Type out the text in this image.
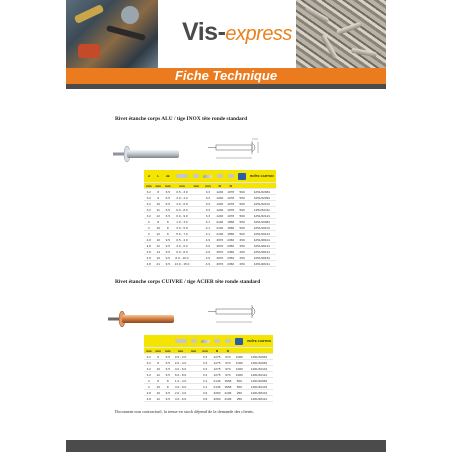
Vis-express
Fiche Technique
Rivet étanche corps ALU / tige INOX tête ronde standard
d	L	dk							BOÎTE CARTON
mm	mm	mm	mm	mm	mm	N	N		
3.2	8	6.5	0.5 - 3.0		3.3	1246	1078	500	1251/32081
3.2	9	6.5	3.0 - 4.0		3.3	1246	1078	500	1251/32091
3.2	10	6.5	4.0 - 6.0		3.3	1246	1078	500	1251/32101
3.2	11	6.5	6.0 - 8.0		3.3	1246	1078	500	1251/32111
3.2	12	6.5	6.0 - 9.0		3.3	1246	1078	500	1251/32121
4	8	8	1.0 - 3.0		4.1	2146	1568	500	1251/40081
4	10	8	3.0 - 5.0		4.1	2146	1568	500	1251/40101
4	12	8	5.0 - 7.0		4.1	2146	1568	500	1251/40121
4.8	10	9.5	0.5 - 4.0		4.9	3070	2360	250	1251/48101
4.8	12	9.5	4.0 - 6.0		4.9	3070	2360	250	1251/48121
4.8	14	9.5	6.0 - 8.0		4.9	3070	2360	250	1251/48141
4.8	16	9.5	8.0 - 10.0		4.9	3070	2360	250	1251/48161
4.8	21	9.5	13.0 - 15.0		4.9	3070	2360	250	1251/48211
Rivet étanche corps CUIVRE / tige ACIER tête ronde standard
									BOÎTE CARTON
mm	mm	mm	mm	mm	mm	N	N		
3.2	6	6.5	0.5 - 2.0		3.3	1275	970	1000	1261/32061
3.2	8	6.5	2.0 - 4.0		3.3	1275	970	1000	1261/32081
3.2	10	6.5	4.0 - 6.0		3.3	1275	970	1000	1261/32101
3.2	12	6.5	6.0 - 8.0		3.3	1275	970	1000	1261/32121
4	8	8	1.0 - 4.0		4.1	2146	1668	500	1261/40081
4	10	8	4.0 - 6.0		4.1	2146	1668	500	1261/40101
4.8	10	9.5	2.0 - 4.0		4.9	3260	2196	250	1261/48101
4.8	12	9.5	4.0 - 6.0		4.9	3260	2196	250	1261/48121
Document non contractuel, la tenue en stock dépend de la demande des clients.
